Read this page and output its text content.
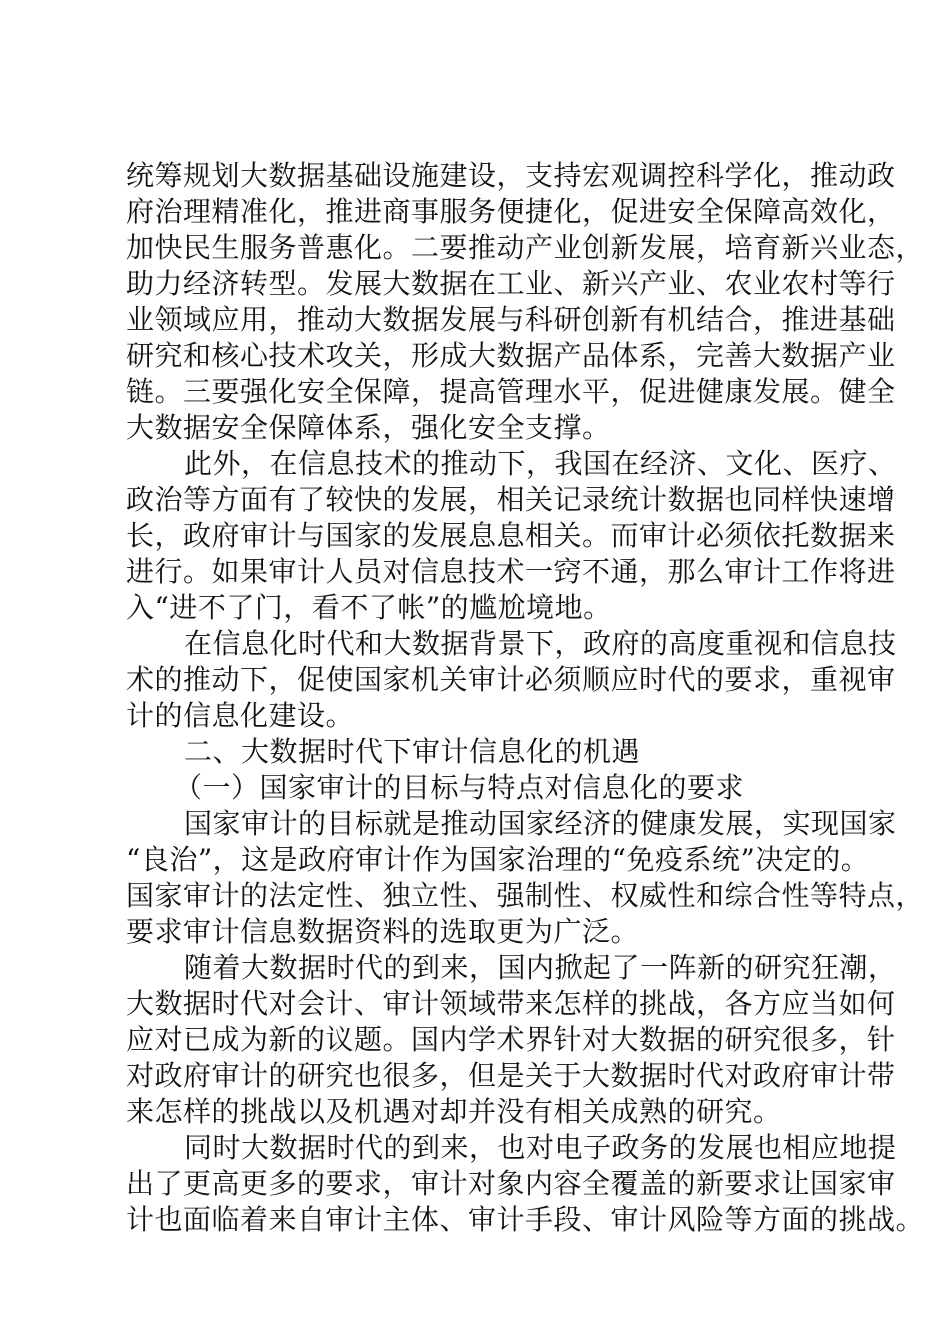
统筹规划大数据基础设施建设，支持宏观调控科学化，推动政
府治理精准化，推进商事服务便捷化，促进安全保障高效化，
加快民生服务普惠化。二要推动产业创新发展，培育新兴业态，
助力经济转型。发展大数据在工业、新兴产业、农业农村等行
业领域应用，推动大数据发展与科研创新有机结合，推进基础
研究和核心技术攻关，形成大数据产品体系，完善大数据产业
链。三要强化安全保障，提高管理水平，促进健康发展。健全
大数据安全保障体系，强化安全支撑。
此外，在信息技术的推动下，我国在经济、文化、医疗、
政治等方面有了较快的发展，相关记录统计数据也同样快速增
长，政府审计与国家的发展息息相关。而审计必须依托数据来
进行。如果审计人员对信息技术一窍不通，那么审计工作将进
入“进不了门，看不了帐”的尴尬境地。
在信息化时代和大数据背景下，政府的高度重视和信息技
术的推动下，促使国家机关审计必须顺应时代的要求，重视审
计的信息化建设。
二、大数据时代下审计信息化的机遇
（一）国家审计的目标与特点对信息化的要求
国家审计的目标就是推动国家经济的健康发展，实现国家
“良治”，这是政府审计作为国家治理的“免疫系统”决定的。
国家审计的法定性、独立性、强制性、权威性和综合性等特点，
要求审计信息数据资料的选取更为广泛。
随着大数据时代的到来，国内掀起了一阵新的研究狂潮，
大数据时代对会计、审计领域带来怎样的挑战，各方应当如何
应对已成为新的议题。国内学术界针对大数据的研究很多，针
对政府审计的研究也很多，但是关于大数据时代对政府审计带
来怎样的挑战以及机遇对却并没有相关成熟的研究。
同时大数据时代的到来，也对电子政务的发展也相应地提
出了更高更多的要求，审计对象内容全覆盖的新要求让国家审
计也面临着来自审计主体、审计手段、审计风险等方面的挑战。
